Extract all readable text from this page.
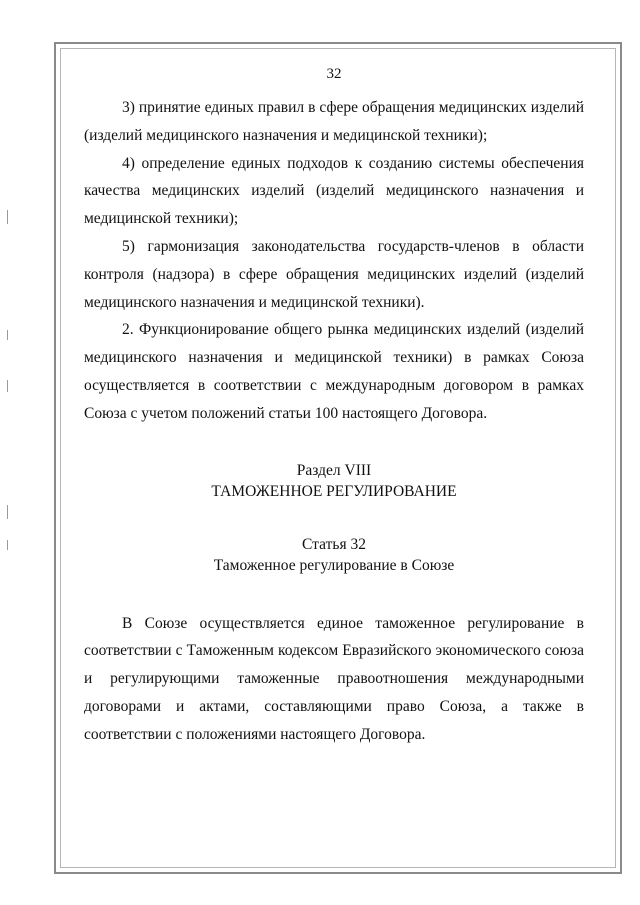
32

3) принятие единых правил в сфере обращения медицинских изделий (изделий медицинского назначения и медицинской техники);

4) определение единых подходов к созданию системы обеспечения качества медицинских изделий (изделий медицинского назначения и медицинской техники);

5) гармонизация законодательства государств-членов в области контроля (надзора) в сфере обращения медицинских изделий (изделий медицинского назначения и медицинской техники).

2. Функционирование общего рынка медицинских изделий (изделий медицинского назначения и медицинской техники) в рамках Союза осуществляется в соответствии с международным договором в рамках Союза с учетом положений статьи 100 настоящего Договора.

Раздел VIII

ТАМОЖЕННОЕ РЕГУЛИРОВАНИЕ

Статья 32

Таможенное регулирование в Союзе

В Союзе осуществляется единое таможенное регулирование в соответствии с Таможенным кодексом Евразийского экономического союза и регулирующими таможенные правоотношения международными договорами и актами, составляющими право Союза, а также в соответствии с положениями настоящего Договора.
